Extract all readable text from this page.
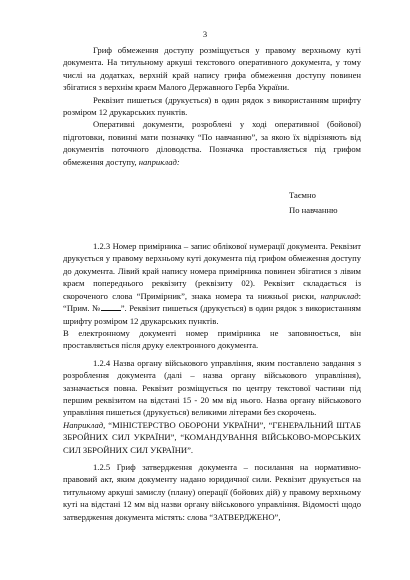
3

Гриф обмеження доступу розміщується у правому верхньому куті документа. На титульному аркуші текстового оперативного документа, у тому числі на додатках, верхній край напису грифа обмеження доступу повинен збігатися з верхнім краєм Малого Державного Герба України.

Реквізит пишеться (друкується) в один рядок з використанням шрифту розміром 12 друкарських пунктів.

Оперативні документи, розроблені у ході оперативної (бойової) підготовки, повинні мати позначку “По навчанню”, за якою їх відрізняють від документів поточного діловодства. Позначка проставляється під грифом обмеження доступу, наприклад:

Таємно
По навчанню

1.2.3 Номер примірника – запис облікової нумерації документа. Реквізит друкується у правому верхньому куті документа під грифом обмеження доступу до документа. Лівий край напису номера примірника повинен збігатися з лівим краєм попереднього реквізиту (реквізиту 02). Реквізит складається із скороченого слова “Примірник”, знака номера та нижньої риски, наприклад: “Прим. № ”. Реквізит пишеться (друкується) в один рядок з використанням шрифту розміром 12 друкарських пунктів.

В електронному документі номер примірника не заповнюється, він проставляється після друку електронного документа.

1.2.4 Назва органу військового управління, яким поставлено завдання з розроблення документа (далі – назва органу військового управління), зазначається повна. Реквізит розміщується по центру текстової частини під першим реквізитом на відстані 15 - 20 мм від нього. Назва органу військового управління пишеться (друкується) великими літерами без скорочень.

Наприклад, “МІНІСТЕРСТВО ОБОРОНИ УКРАЇНИ”, “ГЕНЕРАЛЬНИЙ ШТАБ ЗБРОЙНИХ СИЛ УКРАЇНИ”, “КОМАНДУВАННЯ ВІЙСЬКОВО-МОРСЬКИХ СИЛ ЗБРОЙНИХ СИЛ УКРАЇНИ”.

1.2.5 Гриф затвердження документа – посилання на нормативно-правовий акт, яким документу надано юридичної сили. Реквізит друкується на титульному аркуші замислу (плану) операції (бойових дій) у правому верхньому куті на відстані 12 мм від назви органу військового управління. Відомості щодо затвердження документа містять: слова “ЗАТВЕРДЖЕНО”,
